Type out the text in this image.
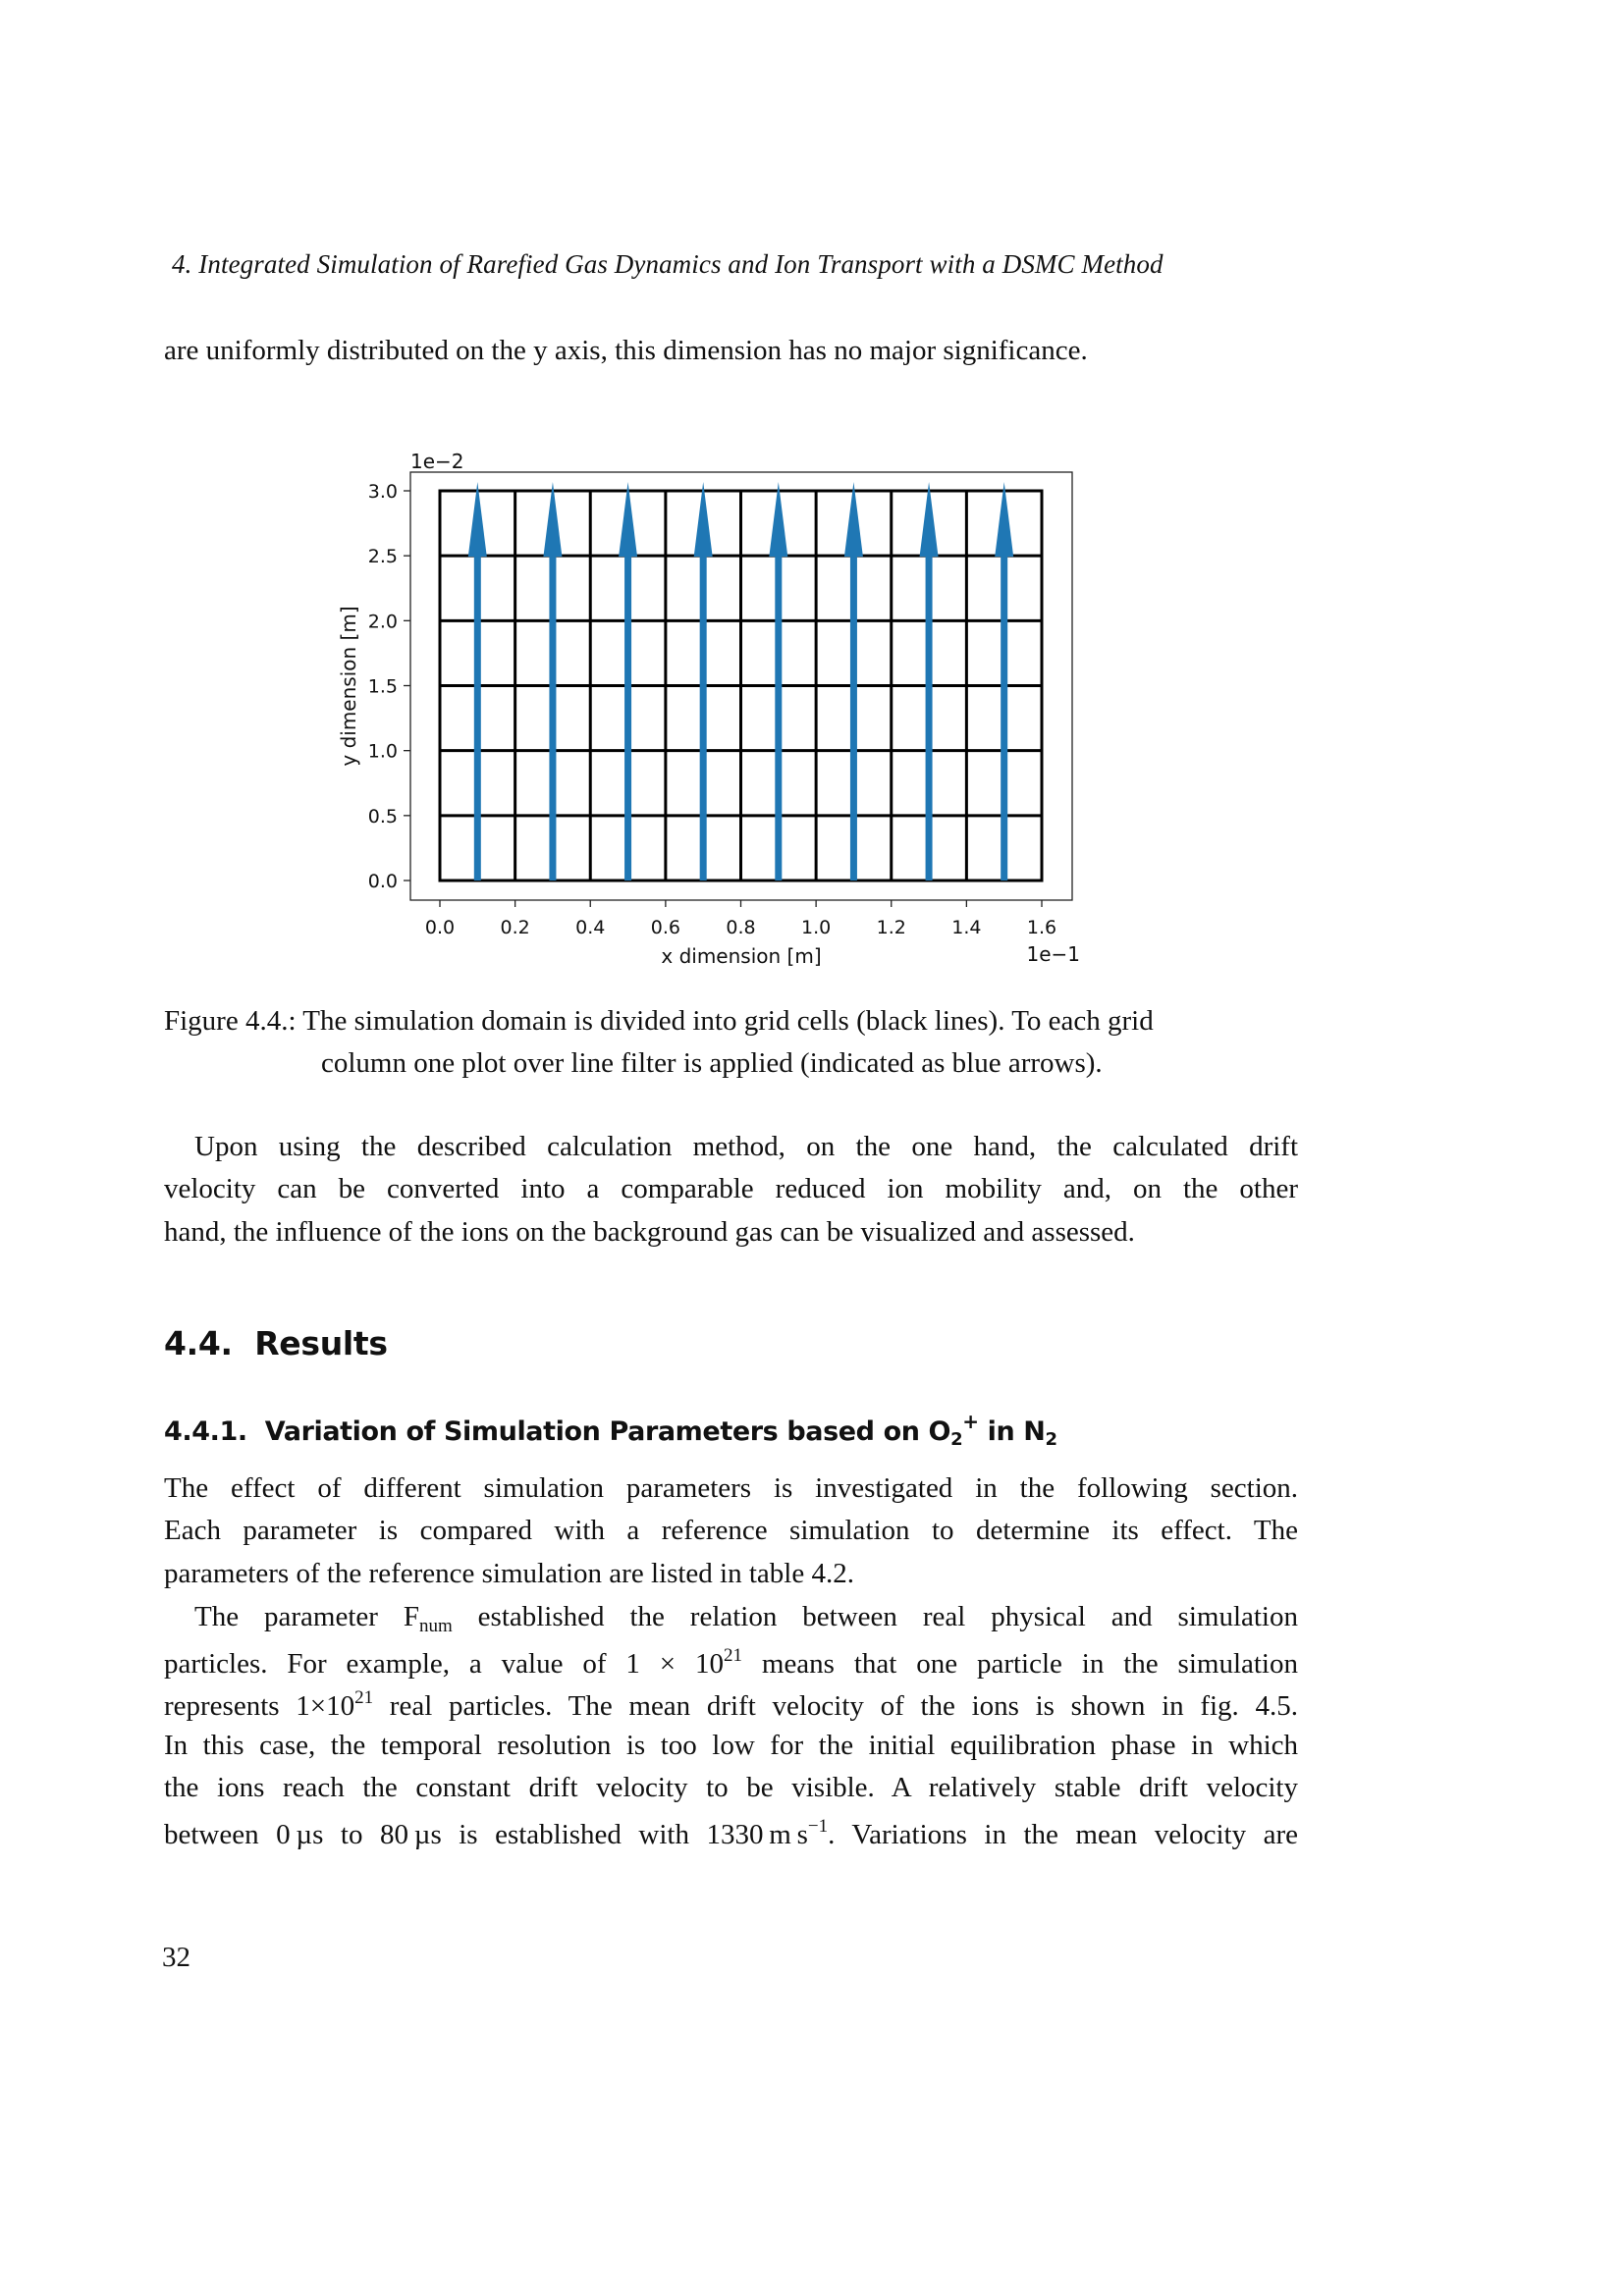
4. Integrated Simulation of Rarefied Gas Dynamics and Ion Transport with a DSMC Method
are uniformly distributed on the y axis, this dimension has no major significance.
0.0 0.2 0.4 0.6 0.8 1.0 1.2 1.4 1.6
0.0
0.5
1.0
1.5
2.0
2.5
3.0
1e−2
1e−1
x dimension [m]
y dimension [m]
Figure 4.4.: The simulation domain is divided into grid cells (black lines). To each grid
column one plot over line filter is applied (indicated as blue arrows).
Upon using the described calculation method, on the one hand, the calculated drift
velocity can be converted into a comparable reduced ion mobility and, on the other
hand, the influence of the ions on the background gas can be visualized and assessed.
4.4. Results
4.4.1. Variation of Simulation Parameters based on $O_2^+$ in $N_2$
The effect of different simulation parameters is investigated in the following section.
Each parameter is compared with a reference simulation to determine its effect. The
parameters of the reference simulation are listed in table 4.2.
The parameter $F_{num}$ established the relation between real physical and simulation
particles. For example, a value of $1 \times 10^{21}$ means that one particle in the simulation
represents $1\times 10^{21}$ real particles. The mean drift velocity of the ions is shown in fig. 4.5.
In this case, the temporal resolution is too low for the initial equilibration phase in which
the ions reach the constant drift velocity to be visible. A relatively stable drift velocity
between 0 µs to 80 µs is established with 1330 m $s^{-1}$. Variations in the mean velocity are
32
